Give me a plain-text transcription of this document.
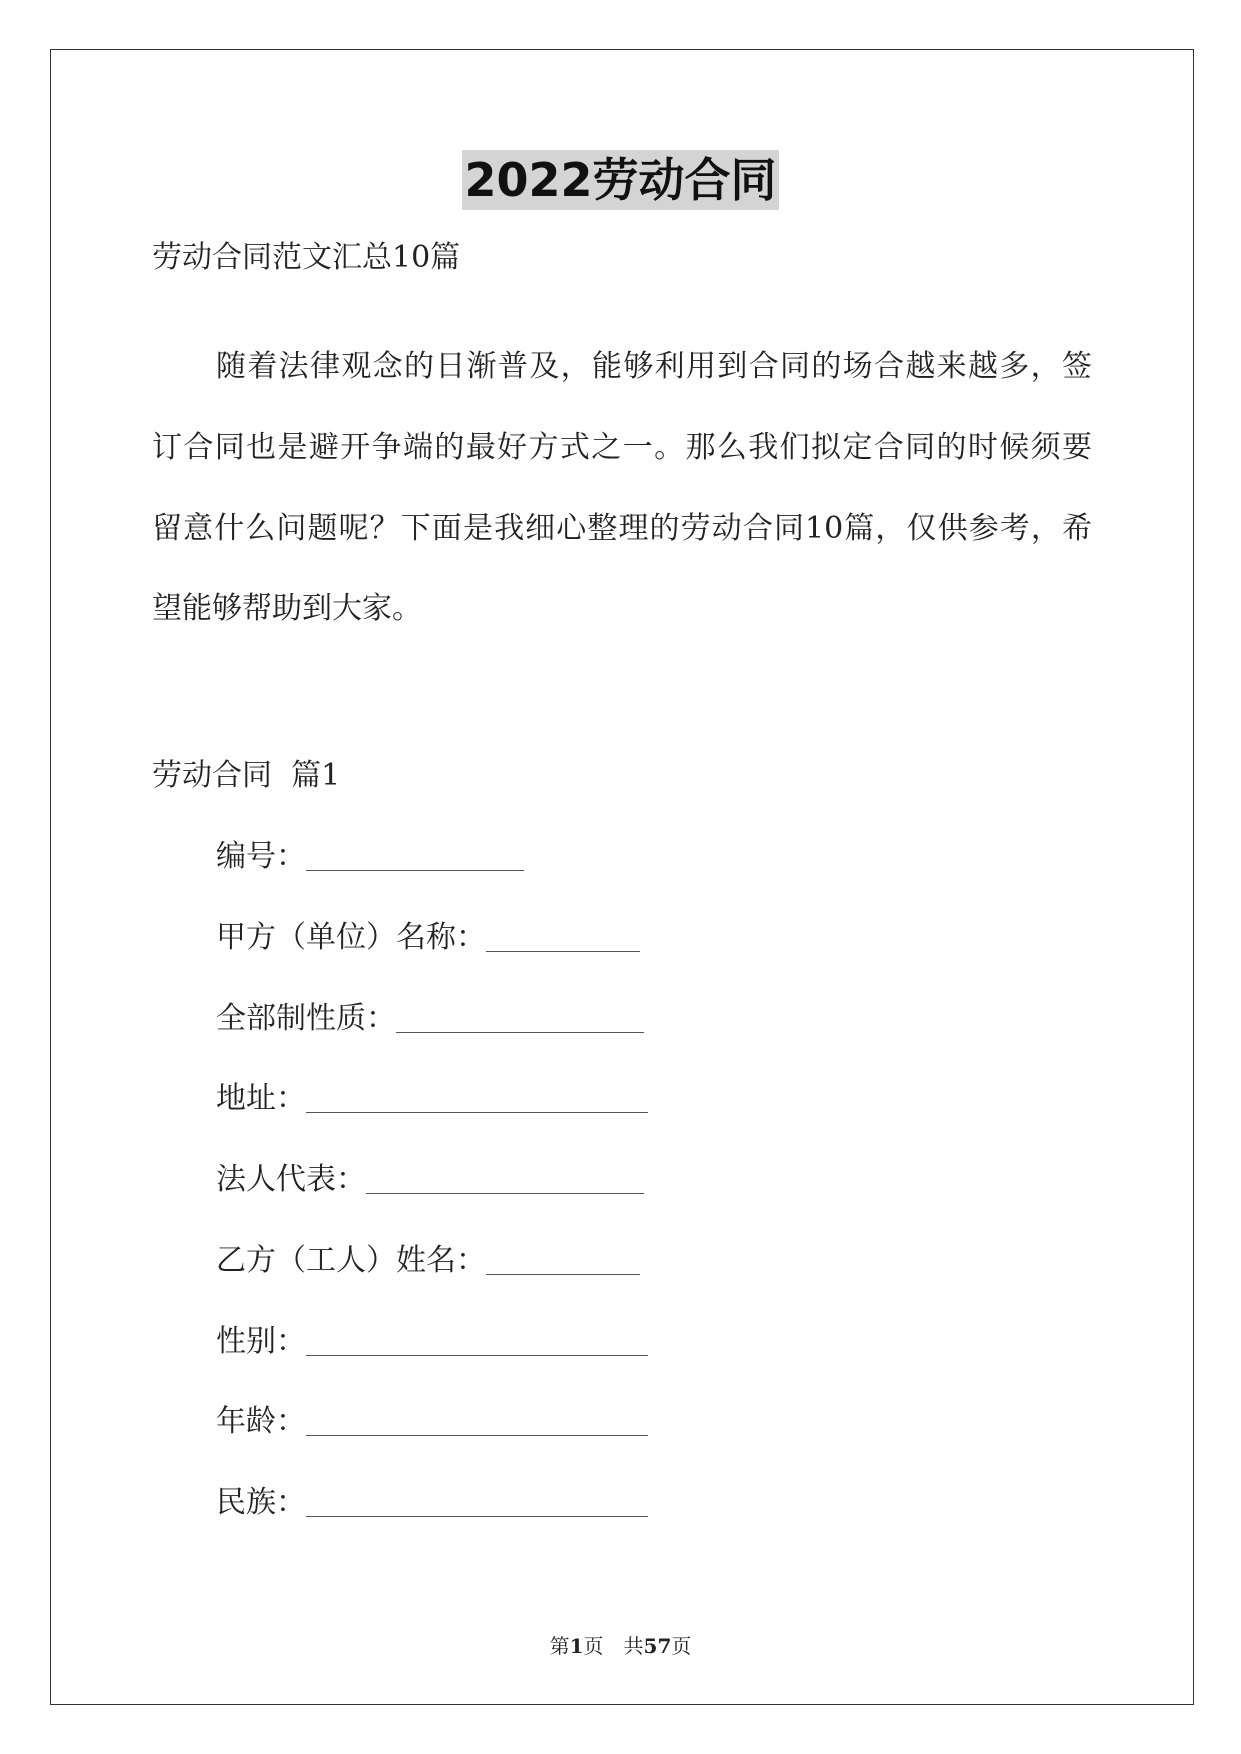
2022劳动合同
劳动合同范文汇总10篇
随着法律观念的日渐普及，能够利用到合同的场合越来越多，签
订合同也是避开争端的最好方式之一。那么我们拟定合同的时候须要
留意什么问题呢？下面是我细心整理的劳动合同10篇，仅供参考，希
望能够帮助到大家。
劳动合同  篇1
编号：
甲方（单位）名称：
全部制性质：
地址：
法人代表：
乙方（工人）姓名：
性别：
年龄：
民族：
第1页 共57页
